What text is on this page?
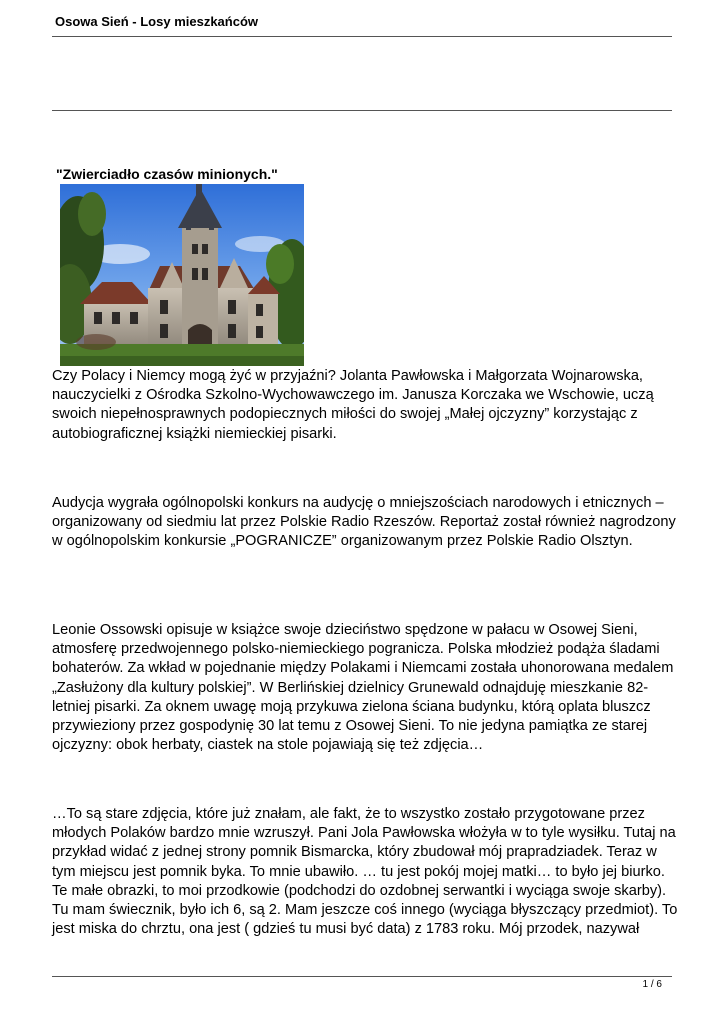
Osowa Sień - Losy mieszkańców
"Zwierciadło czasów minionych."

Czy Polacy i Niemcy mogą żyć w przyjaźni? Jolanta Pawłowska i Małgorzata Wojnarowska, nauczycielki z Ośrodka Szkolno-Wychowawczego im. Janusza Korczaka we Wschowie, uczą swoich niepełnosprawnych podopiecznych miłości do swojej „Małej ojczyzny” korzystając z autobiograficznej książki niemieckiej pisarki.

Audycja wygrała ogólnopolski konkurs na audycję o mniejszościach narodowych i etnicznych – organizowany od siedmiu lat przez Polskie Radio Rzeszów. Reportaż został również nagrodzony w ogólnopolskim konkursie „POGRANICZE” organizowanym przez Polskie Radio Olsztyn.

Leonie Ossowski opisuje w książce swoje dzieciństwo spędzone w pałacu w Osowej Sieni, atmosferę przedwojennego polsko-niemieckiego pogranicza. Polska młodzież podąża śladami bohaterów. Za wkład w pojednanie między Polakami i Niemcami została uhonorowana medalem „Zasłużony dla kultury polskiej”. W Berlińskiej dzielnicy Grunewald odnajduję mieszkanie 82-letniej pisarki. Za oknem uwagę moją przykuwa zielona ściana budynku, którą oplata bluszcz przywieziony przez gospodynię 30 lat temu z Osowej Sieni. To nie jedyna pamiątka ze starej ojczyzny: obok herbaty, ciastek na stole pojawiają się też zdjęcia…

…To są stare zdjęcia, które już znałam, ale fakt, że to wszystko zostało przygotowane przez młodych Polaków bardzo mnie wzruszył. Pani Jola Pawłowska włożyła w to tyle wysiłku. Tutaj na przykład widać z jednej strony pomnik Bismarcka, który zbudował mój prapradziadek. Teraz w tym miejscu jest pomnik byka. To mnie ubawiło. … tu jest pokój mojej matki… to było jej biurko. Te małe obrazki, to moi przodkowie (podchodzi do ozdobnej serwantki i wyciąga swoje skarby). Tu mam świecznik, było ich 6, są 2. Mam jeszcze coś innego (wyciąga błyszczący przedmiot). To jest miska do chrztu, ona jest ( gdzieś tu musi być data) z 1783 roku. Mój przodek, nazywał

1 / 6
